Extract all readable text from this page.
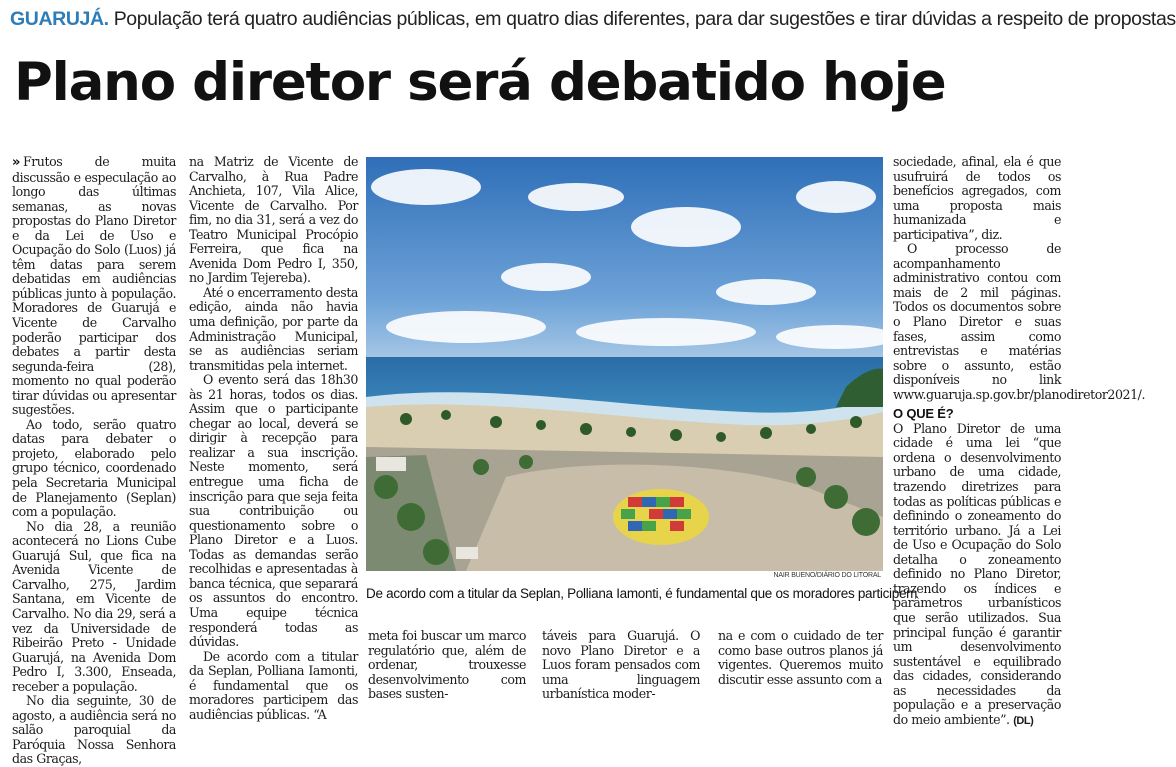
GUARUJÁ. População terá quatro audiências públicas, em quatro dias diferentes, para dar sugestões e tirar dúvidas a respeito de propostas
Plano diretor será debatido hoje

» Frutos de muita discussão e especulação ao longo das últimas semanas, as novas propostas do Plano Diretor e da Lei de Uso e Ocupação do Solo (Luos) já têm datas para serem debatidas em audiências públicas junto à população. Moradores de Guarujá e Vicente de Carvalho poderão participar dos debates a partir desta segunda-feira (28), momento no qual poderão tirar dúvidas ou apresentar sugestões.

Ao todo, serão quatro datas para debater o projeto, elaborado pelo grupo técnico, coordenado pela Secretaria Municipal de Planejamento (Seplan) com a população.

No dia 28, a reunião acontecerá no Lions Cube Guarujá Sul, que fica na Avenida Vicente de Carvalho, 275, Jardim Santana, em Vicente de Carvalho. No dia 29, será a vez da Universidade de Ribeirão Preto - Unidade Guarujá, na Avenida Dom Pedro I, 3.300, Enseada, receber a população.

No dia seguinte, 30 de agosto, a audiência será no salão paroquial da Paróquia Nossa Senhora das Graças,

na Matriz de Vicente de Carvalho, à Rua Padre Anchieta, 107, Vila Alice, Vicente de Carvalho. Por fim, no dia 31, será a vez do Teatro Municipal Procópio Ferreira, que fica na Avenida Dom Pedro I, 350, no Jardim Tejereba).

Até o encerramento desta edição, ainda não havia uma definição, por parte da Administração Municipal, se as audiências seriam transmitidas pela internet.

O evento será das 18h30 às 21 horas, todos os dias. Assim que o participante chegar ao local, deverá se dirigir à recepção para realizar a sua inscrição. Neste momento, será entregue uma ficha de inscrição para que seja feita sua contribuição ou questionamento sobre o Plano Diretor e a Luos. Todas as demandas serão recolhidas e apresentadas à banca técnica, que separará os assuntos do encontro. Uma equipe técnica responderá todas as dúvidas.

De acordo com a titular da Seplan, Polliana Iamonti, é fundamental que os moradores participem das audiências públicas. “A

NAIR BUENO/DIÁRIO DO LITORAL
De acordo com a titular da Seplan, Polliana Iamonti, é fundamental que os moradores participem

meta foi buscar um marco regulatório que, além de ordenar, trouxesse desenvolvimento com bases susten-

táveis para Guarujá. O novo Plano Diretor e a Luos foram pensados com uma linguagem urbanística moder-

na e com o cuidado de ter como base outros planos já vigentes. Queremos muito discutir esse assunto com a

sociedade, afinal, ela é que usufruirá de todos os benefícios agregados, com uma proposta mais humanizada e participativa”, diz.

O processo de acompanhamento administrativo contou com mais de 2 mil páginas. Todos os documentos sobre o Plano Diretor e suas fases, assim como entrevistas e matérias sobre o assunto, estão disponíveis no link www.guaruja.sp.gov.br/planodiretor2021/.

O QUE É?

O Plano Diretor de uma cidade é uma lei “que ordena o desenvolvimento urbano de uma cidade, trazendo diretrizes para todas as políticas públicas e definindo o zoneamento do território urbano. Já a Lei de Uso e Ocupação do Solo detalha o zoneamento definido no Plano Diretor, trazendo os índices e parâmetros urbanísticos que serão utilizados. Sua principal função é garantir um desenvolvimento sustentável e equilibrado das cidades, considerando as necessidades da população e a preservação do meio ambiente”. (DL)
